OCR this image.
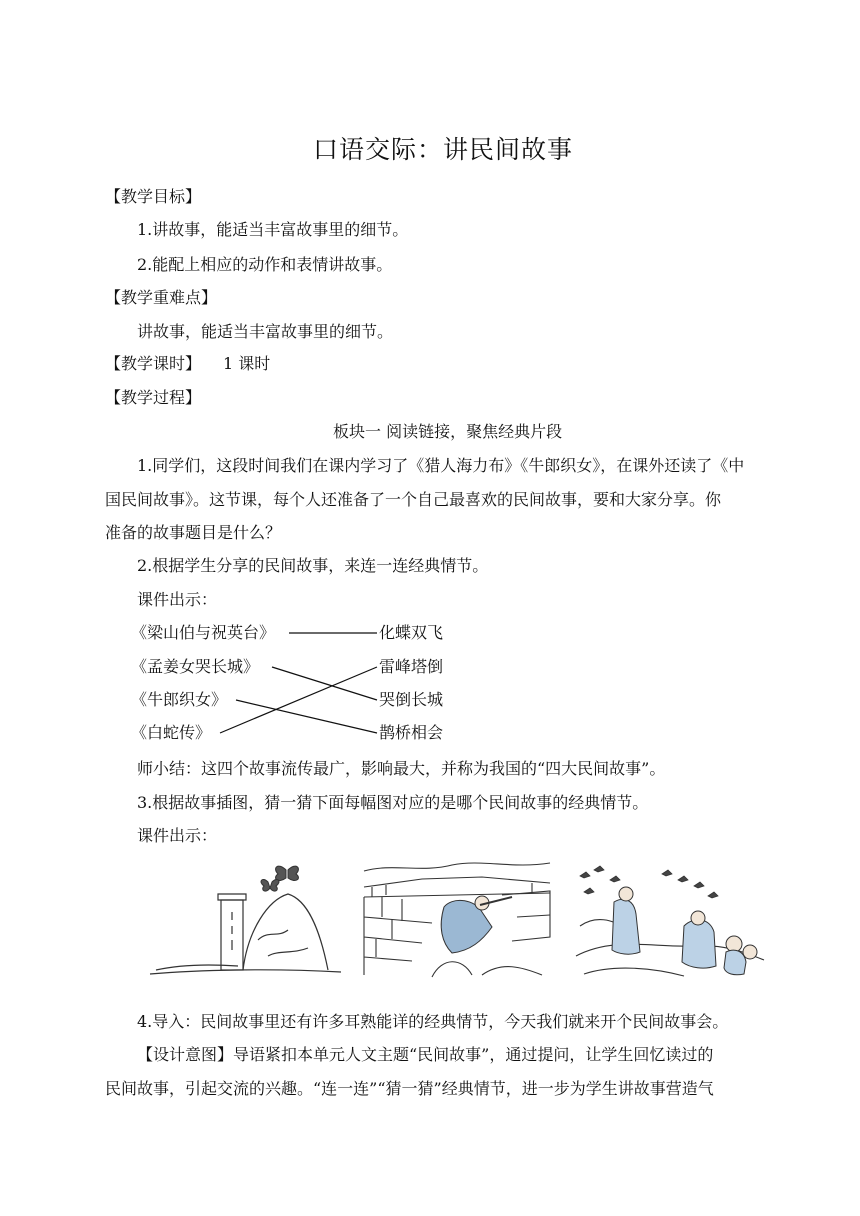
口语交际：讲民间故事
【教学目标】
1.讲故事，能适当丰富故事里的细节。
2.能配上相应的动作和表情讲故事。
【教学重难点】
讲故事，能适当丰富故事里的细节。
【教学课时】 1 课时
【教学过程】
板块一 阅读链接，聚焦经典片段
1.同学们，这段时间我们在课内学习了《猎人海力布》《牛郎织女》，在课外还读了《中
国民间故事》。这节课，每个人还准备了一个自己最喜欢的民间故事，要和大家分享。你
准备的故事题目是什么？
2.根据学生分享的民间故事，来连一连经典情节。
课件出示：
《梁山伯与祝英台》
《孟姜女哭长城》
《牛郎织女》
《白蛇传》
化蝶双飞
雷峰塔倒
哭倒长城
鹊桥相会
师小结：这四个故事流传最广，影响最大，并称为我国的“四大民间故事”。
3.根据故事插图，猜一猜下面每幅图对应的是哪个民间故事的经典情节。
课件出示：
4.导入：民间故事里还有许多耳熟能详的经典情节，今天我们就来开个民间故事会。
【设计意图】导语紧扣本单元人文主题“民间故事”，通过提问，让学生回忆读过的
民间故事，引起交流的兴趣。“连一连”“猜一猜”经典情节，进一步为学生讲故事营造气
